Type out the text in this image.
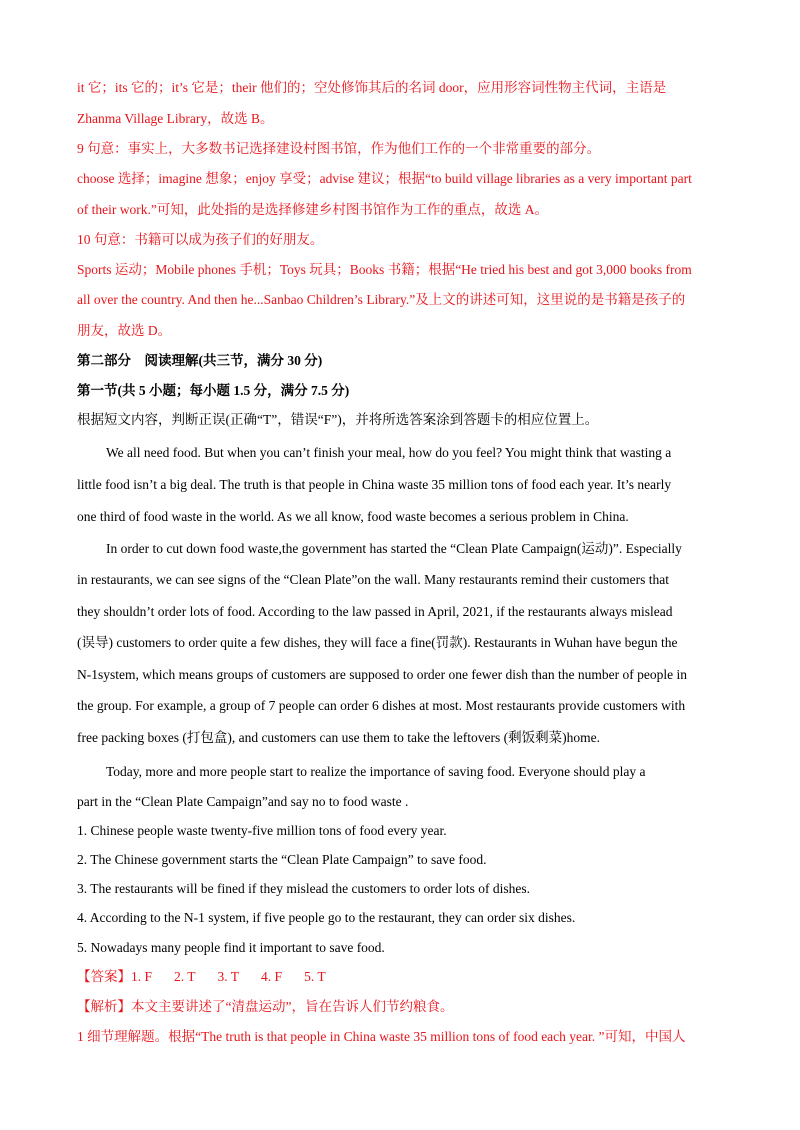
it 它；its 它的；it’s 它是；their 他们的；空处修饰其后的名词 door，应用形容词性物主代词，主语是
Zhanma Village Library，故选 B。
9 句意：事实上，大多数书记选择建设村图书馆，作为他们工作的一个非常重要的部分。
choose 选择；imagine 想象；enjoy 享受；advise 建议；根据“to build village libraries as a very important part
of their work.”可知，此处指的是选择修建乡村图书馆作为工作的重点，故选 A。
10 句意：书籍可以成为孩子们的好朋友。
Sports 运动；Mobile phones 手机；Toys 玩具；Books 书籍；根据“He tried his best and got 3,000 books from
all over the country. And then he...Sanbao Children’s Library.”及上文的讲述可知，这里说的是书籍是孩子的
朋友，故选 D。
第二部分　阅读理解(共三节，满分 30 分)
第一节(共 5 小题；每小题 1.5 分，满分 7.5 分)
根据短文内容，判断正误(正确“T”，错误“F”)，并将所选答案涂到答题卡的相应位置上。
We all need food. But when you can’t finish your meal, how do you feel? You might think that wasting a
little food isn’t a big deal. The truth is that people in China waste 35 million tons of food each year. It’s nearly
one third of food waste in the world. As we all know, food waste becomes a serious problem in China.
In order to cut down food waste,the government has started the “Clean Plate Campaign(运动)”. Especially
in restaurants, we can see signs of the “Clean Plate”on the wall. Many restaurants remind their customers that
they shouldn’t order lots of food. According to the law passed in April, 2021, if the restaurants always mislead
(误导) customers to order quite a few dishes, they will face a fine(罚款). Restaurants in Wuhan have begun the
N-1system, which means groups of customers are supposed to order one fewer dish than the number of people in
the group. For example, a group of 7 people can order 6 dishes at most. Most restaurants provide customers with
free packing boxes (打包盒), and customers can use them to take the leftovers (剩饭剩菜)home.
Today, more and more people start to realize the importance of saving food. Everyone should play a
part in the “Clean Plate Campaign”and say no to food waste .
1. Chinese people waste twenty-five million tons of food every year.
2. The Chinese government starts the “Clean Plate Campaign” to save food.
3. The restaurants will be fined if they mislead the customers to order lots of dishes.
4. According to the N-1 system, if five people go to the restaurant, they can order six dishes.
5. Nowadays many people find it important to save food.
【答案】1. F 2. T 3. T 4. F 5. T
【解析】本文主要讲述了“清盘运动”，旨在告诉人们节约粮食。
1 细节理解题。根据“The truth is that people in China waste 35 million tons of food each year. ”可知，中国人
